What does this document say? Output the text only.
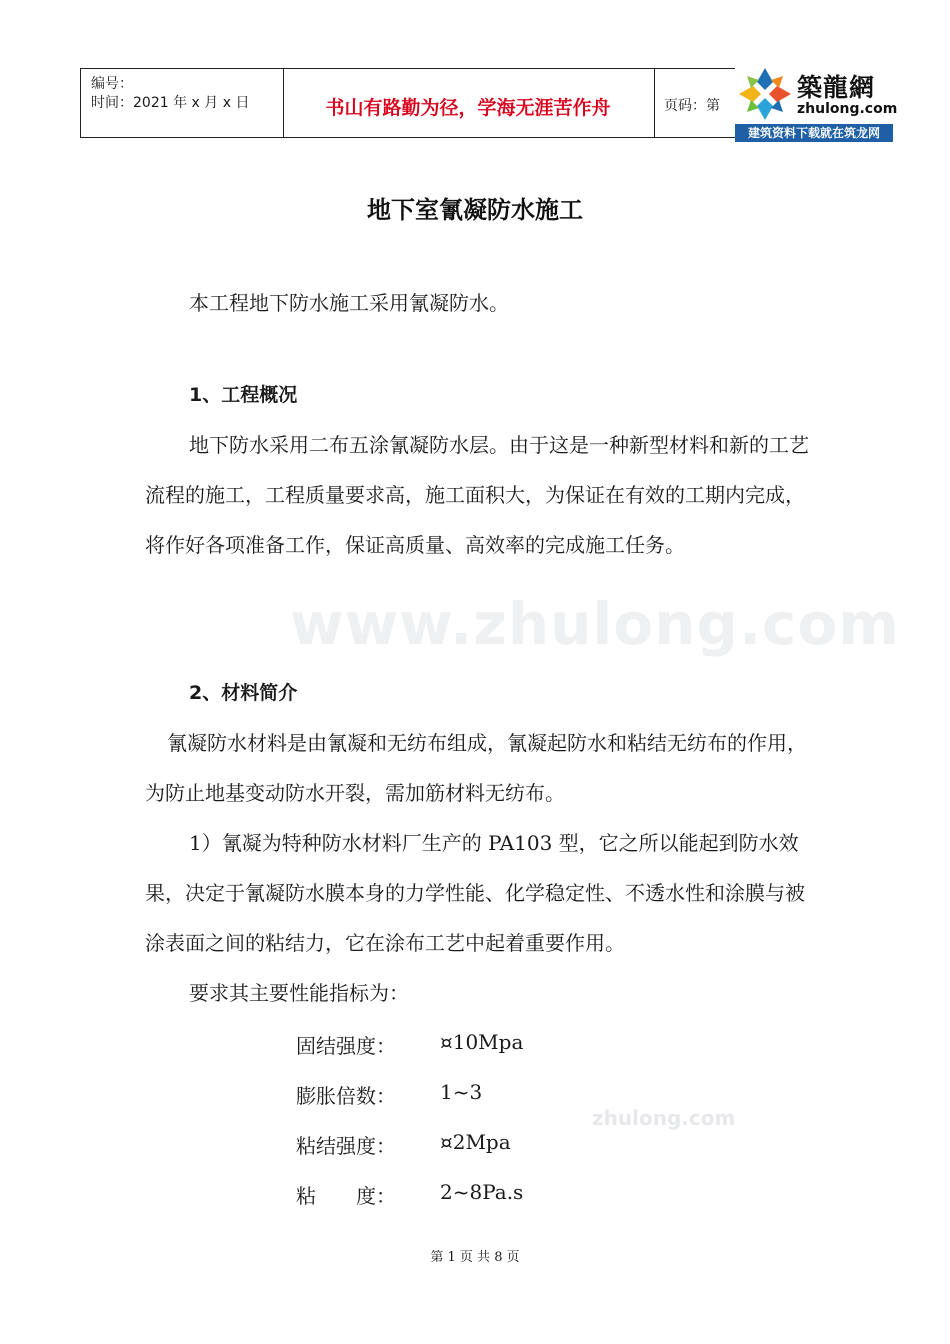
编号：
时间：2021 年 x 月 x 日	书山有路勤为径，学海无涯苦作舟	页码：第
築龍網
zhulong.com
建筑资料下载就在筑龙网
www.zhulong.com
zhulong.com
地下室氰凝防水施工
本工程地下防水施工采用氰凝防水。
1、工程概况
地下防水采用二布五涂氰凝防水层。由于这是一种新型材料和新的工艺流程的施工，工程质量要求高，施工面积大，为保证在有效的工期内完成，将作好各项准备工作，保证高质量、高效率的完成施工任务。
2、材料简介
氰凝防水材料是由氰凝和无纺布组成，氰凝起防水和粘结无纺布的作用，为防止地基变动防水开裂，需加筋材料无纺布。
1）氰凝为特种防水材料厂生产的 PA103 型，它之所以能起到防水效果，决定于氰凝防水膜本身的力学性能、化学稳定性、不透水性和涂膜与被涂表面之间的粘结力，它在涂布工艺中起着重要作用。
要求其主要性能指标为：
固结强度： ¤10Mpa
膨胀倍数： 1~3
粘结强度： ¤2Mpa
粘　　度： 2~8Pa.s
第 1 页 共 8 页
